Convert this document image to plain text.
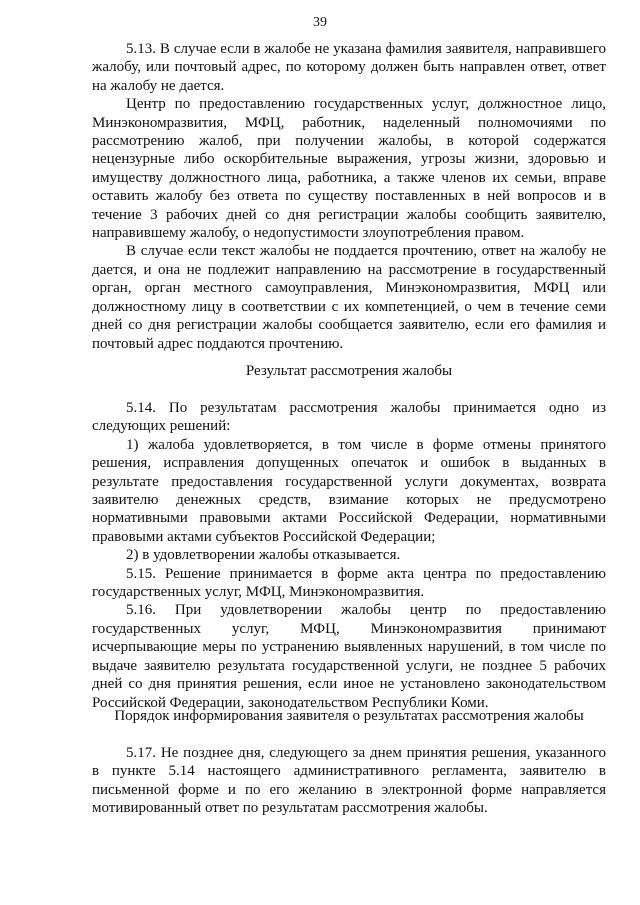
39

5.13. В случае если в жалобе не указана фамилия заявителя, направившего жалобу, или почтовый адрес, по которому должен быть направлен ответ, ответ на жалобу не дается.

Центр по предоставлению государственных услуг, должностное лицо, Минэкономразвития, МФЦ, работник, наделенный полномочиями по рассмотрению жалоб, при получении жалобы, в которой содержатся нецензурные либо оскорбительные выражения, угрозы жизни, здоровью и имуществу должностного лица, работника, а также членов их семьи, вправе оставить жалобу без ответа по существу поставленных в ней вопросов и в течение 3 рабочих дней со дня регистрации жалобы сообщить заявителю, направившему жалобу, о недопустимости злоупотребления правом.

В случае если текст жалобы не поддается прочтению, ответ на жалобу не дается, и она не подлежит направлению на рассмотрение в государственный орган, орган местного самоуправления, Минэкономразвития, МФЦ или должностному лицу в соответствии с их компетенцией, о чем в течение семи дней со дня регистрации жалобы сообщается заявителю, если его фамилия и почтовый адрес поддаются прочтению.

Результат рассмотрения жалобы

5.14. По результатам рассмотрения жалобы принимается одно из следующих решений:

1) жалоба удовлетворяется, в том числе в форме отмены принятого решения, исправления допущенных опечаток и ошибок в выданных в результате предоставления государственной услуги документах, возврата заявителю денежных средств, взимание которых не предусмотрено нормативными правовыми актами Российской Федерации, нормативными правовыми актами субъектов Российской Федерации;

2) в удовлетворении жалобы отказывается.

5.15. Решение принимается в форме акта центра по предоставлению государственных услуг, МФЦ, Минэкономразвития.

5.16. При удовлетворении жалобы центр по предоставлению государственных услуг, МФЦ, Минэкономразвития принимают исчерпывающие меры по устранению выявленных нарушений, в том числе по выдаче заявителю результата государственной услуги, не позднее 5 рабочих дней со дня принятия решения, если иное не установлено законодательством Российской Федерации, законодательством Республики Коми.

Порядок информирования заявителя о результатах рассмотрения жалобы

5.17. Не позднее дня, следующего за днем принятия решения, указанного в пункте 5.14 настоящего административного регламента, заявителю в письменной форме и по его желанию в электронной форме направляется мотивированный ответ по результатам рассмотрения жалобы.
